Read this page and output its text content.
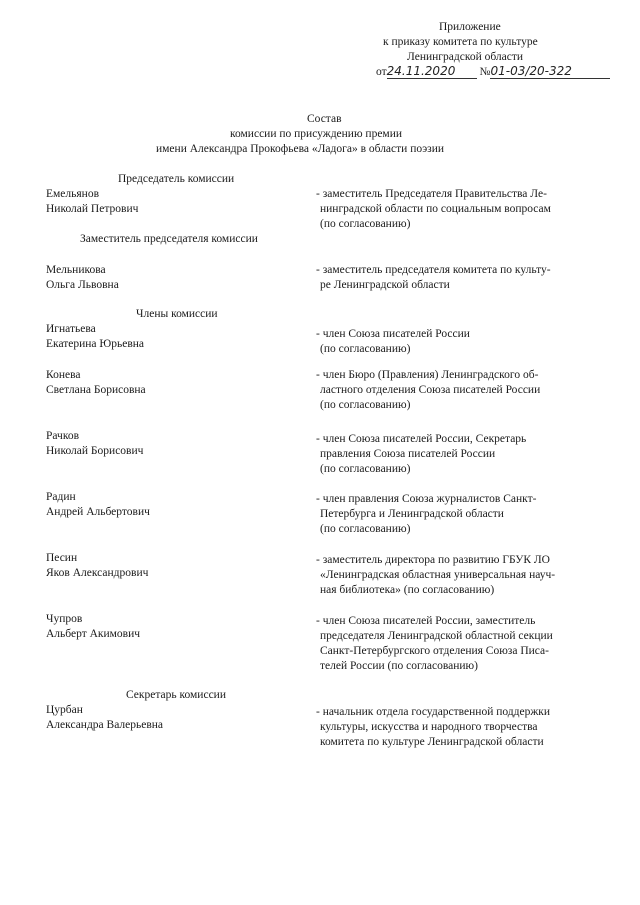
Приложение
к приказу комитета по культуре
Ленинградской области
от24.11.2020 №01-03/20-322
Состав
комиссии по присуждению премии
имени Александра Прокофьева «Ладога» в области поэзии
Председатель комиссии
Емельянов
Николай Петрович
- заместитель Председателя Правительства Ле-
нинградской области по социальным вопросам
(по согласованию)
Заместитель председателя комиссии
Мельникова
Ольга Львовна
- заместитель председателя комитета по культу-
ре Ленинградской области
Члены комиссии
Игнатьева
Екатерина Юрьевна
- член Союза писателей России
(по согласованию)
Конева
Светлана Борисовна
- член Бюро (Правления) Ленинградского об-
ластного отделения Союза писателей России
(по согласованию)
Рачков
Николай Борисович
- член Союза писателей России, Секретарь
правления Союза писателей России
(по согласованию)
Радин
Андрей Альбертович
- член правления Союза журналистов Санкт-
Петербурга и Ленинградской области
(по согласованию)
Песин
Яков Александрович
- заместитель директора по развитию ГБУК ЛО
«Ленинградская областная универсальная науч-
ная библиотека» (по согласованию)
Чупров
Альберт Акимович
- член Союза писателей России, заместитель
председателя Ленинградской областной секции
Санкт-Петербургского отделения Союза Писа-
телей России (по согласованию)
Секретарь комиссии
Цурбан
Александра Валерьевна
- начальник отдела государственной поддержки
культуры, искусства и народного творчества
комитета по культуре Ленинградской области
